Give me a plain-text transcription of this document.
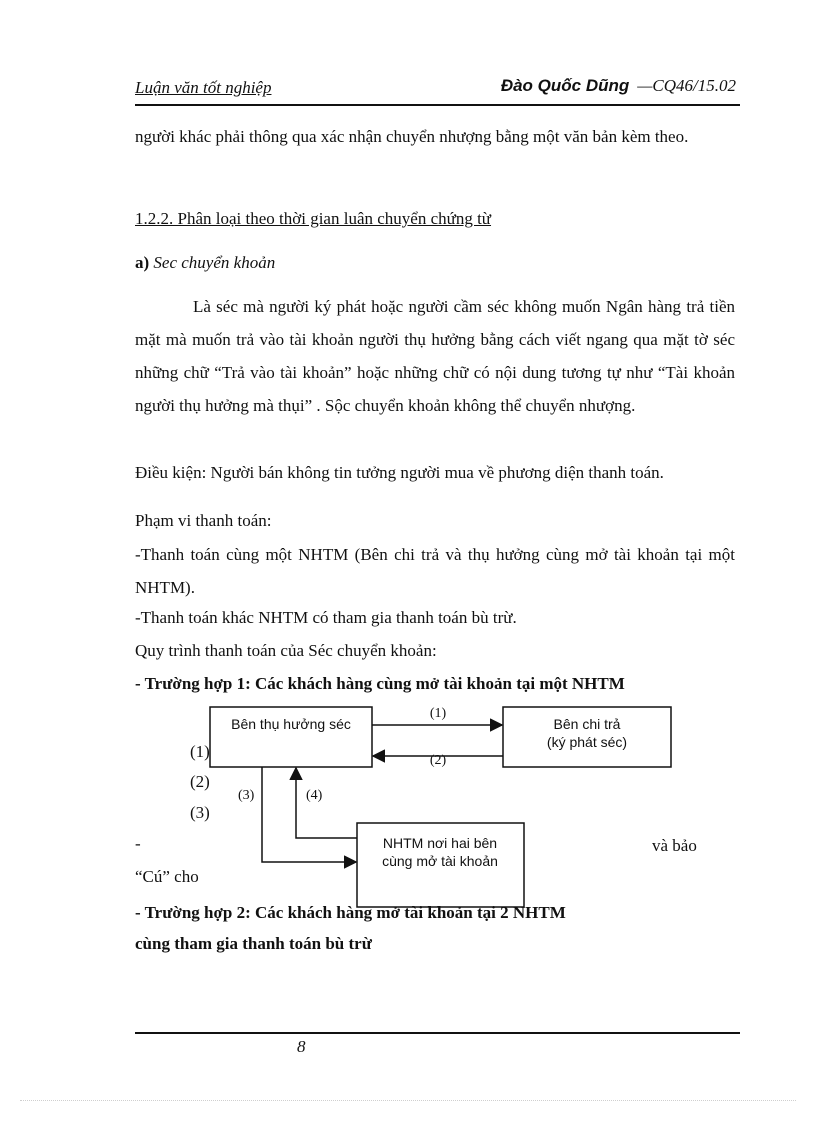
Luận văn tốt nghiệp	Đào Quốc Dũng —CQ46/15.02

người khác phải thông qua xác nhận chuyển nhượng bằng một văn bản kèm theo.

1.2.2. Phân loại theo thời gian luân chuyển chứng từ

a) Sec chuyển khoản

Là séc mà người ký phát hoặc người cầm séc không muốn Ngân hàng trả tiền mặt mà muốn trả vào tài khoản người thụ hưởng bằng cách viết ngang qua mặt tờ séc những chữ “Trả vào tài khoản” hoặc những chữ có nội dung tương tự như “Tài khoản người thụ hưởng mà thụi” . Sộc chuyển khoản không thể chuyển nhượng.

Điều kiện: Người bán không tin tưởng người mua về phương diện thanh toán.

Phạm vi thanh toán:

-Thanh toán cùng một NHTM (Bên chi trả và thụ hưởng cùng mở tài khoản tại một NHTM).

-Thanh toán khác NHTM có tham gia thanh toán bù trừ.

Quy trình thanh toán của Séc chuyển khoản:

- Trường hợp 1: Các khách hàng cùng mở tài khoản tại một NHTM

(1)

(2)

(3)

-	và bảo

“Cú” cho

Bên thụ hưởng séc	Bên chi trả
(ký phát séc)
NHTM nơi hai bên
cùng mở tài khoản
(1)
(2)
(3)	(4)

- Trường hợp 2: Các khách hàng mở tài khoản tại 2 NHTM

cùng tham gia thanh toán bù trừ

8
